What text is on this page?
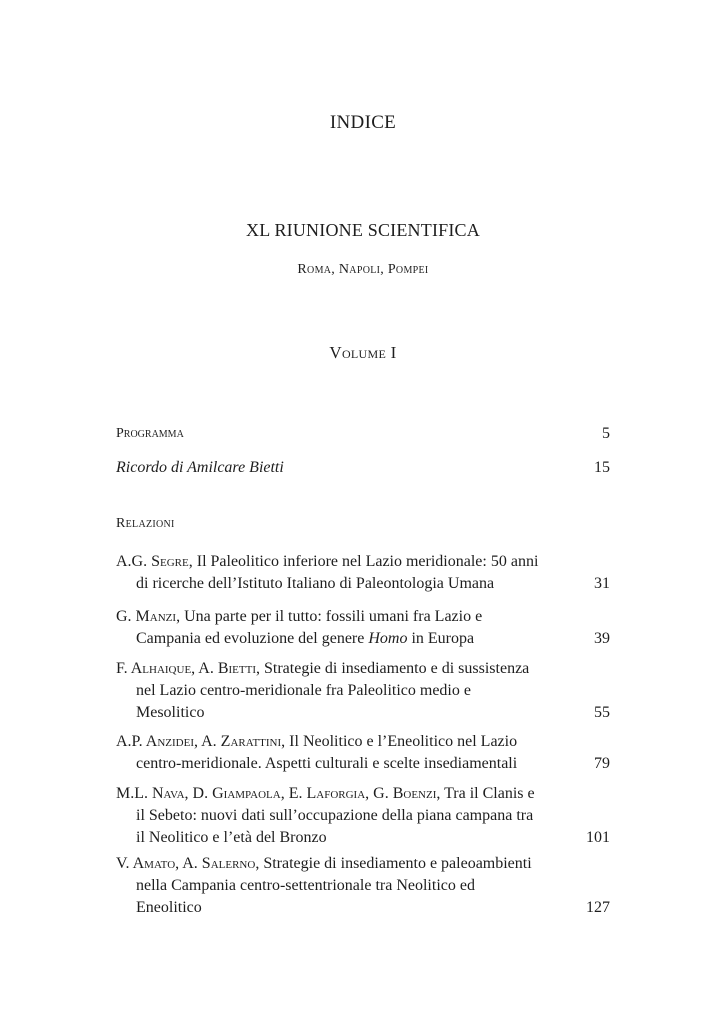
INDICE
XL RIUNIONE SCIENTIFICA
Roma, Napoli, Pompei
Volume I
Programma	5
Ricordo di Amilcare Bietti	15
Relazioni
A.G. Segre, Il Paleolitico inferiore nel Lazio meridionale: 50 anni di ricerche dell’Istituto Italiano di Paleontologia Umana	31
G. Manzi, Una parte per il tutto: fossili umani fra Lazio e Campania ed evoluzione del genere Homo in Europa	39
F. Alhaique, A. Bietti, Strategie di insediamento e di sussistenza nel Lazio centro-meridionale fra Paleolitico medio e Mesolitico	55
A.P. Anzidei, A. Zarattini, Il Neolitico e l’Eneolitico nel Lazio centro-meridionale. Aspetti culturali e scelte insediamentali	79
M.L. Nava, D. Giampaola, E. Laforgia, G. Boenzi, Tra il Clanis e il Sebeto: nuovi dati sull’occupazione della piana campana tra il Neolitico e l’età del Bronzo	101
V. Amato, A. Salerno, Strategie di insediamento e paleoambienti nella Campania centro-settentrionale tra Neolitico ed Eneolitico	127
